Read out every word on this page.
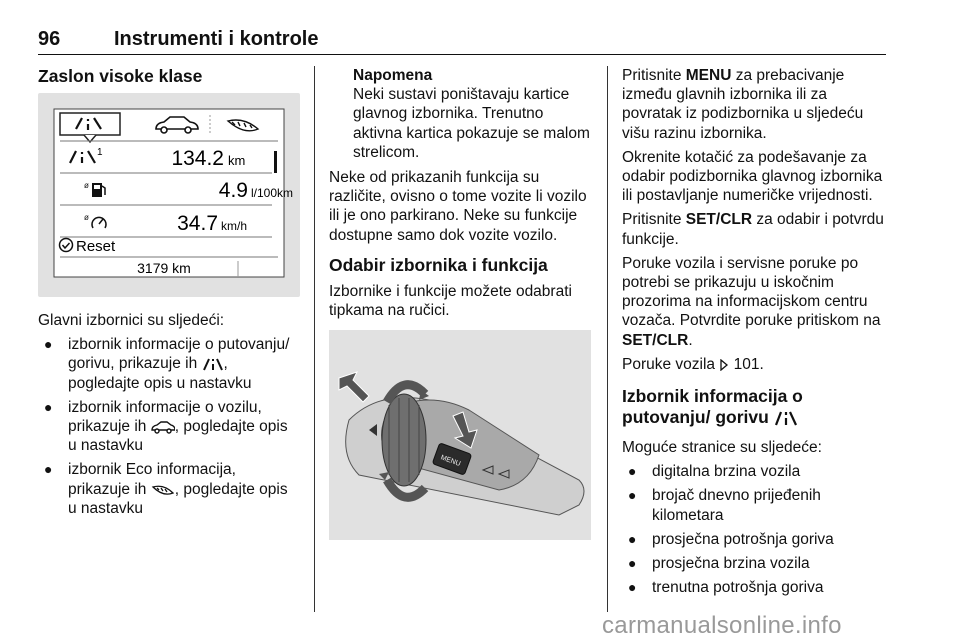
96	Instrumenti i kontrole
Zaslon visoke klase
1	134.2 km
ø	4.9 l/100km
ø	34.7 km/h
Reset
3179 km

Glavni izbornici su sljedeći:

● izbornik informacije o putovanju/ gorivu, prikazuje ih , pogledajte opis u nastavku
● izbornik informacije o vozilu, prikazuje ih , pogledajte opis u nastavku
● izbornik Eco informacija, prikazuje ih , pogledajte opis u nastavku
Napomena
Neki sustavi poništavaju kartice glavnog izbornika. Trenutno aktivna kartica pokazuje se malom strelicom.

Neke od prikazanih funkcija su različite, ovisno o tome vozite li vozilo ili je ono parkirano. Neke su funkcije dostupne samo dok vozite vozilo.

Odabir izbornika i funkcija

Izbornike i funkcije možete odabrati tipkama na ručici.

MENU

Pritisnite MENU za prebacivanje između glavnih izbornika ili za povratak iz podizbornika u sljedeću višu razinu izbornika.

Okrenite kotačić za podešavanje za odabir podizbornika glavnog izbornika ili postavljanje numeričke vrijednosti.

Pritisnite SET/CLR za odabir i potvrdu funkcije.

Poruke vozila i servisne poruke po potrebi se prikazuju u iskočnim prozorima na informacijskom centru vozača. Potvrdite poruke pritiskom na SET/CLR.

Poruke vozila  101.

Izbornik informacija o putovanju/ gorivu

Moguće stranice su sljedeće:

● digitalna brzina vozila
● brojač dnevno prijeđenih kilometara
● prosječna potrošnja goriva
● prosječna brzina vozila
● trenutna potrošnja goriva
carmanualsonline.info
